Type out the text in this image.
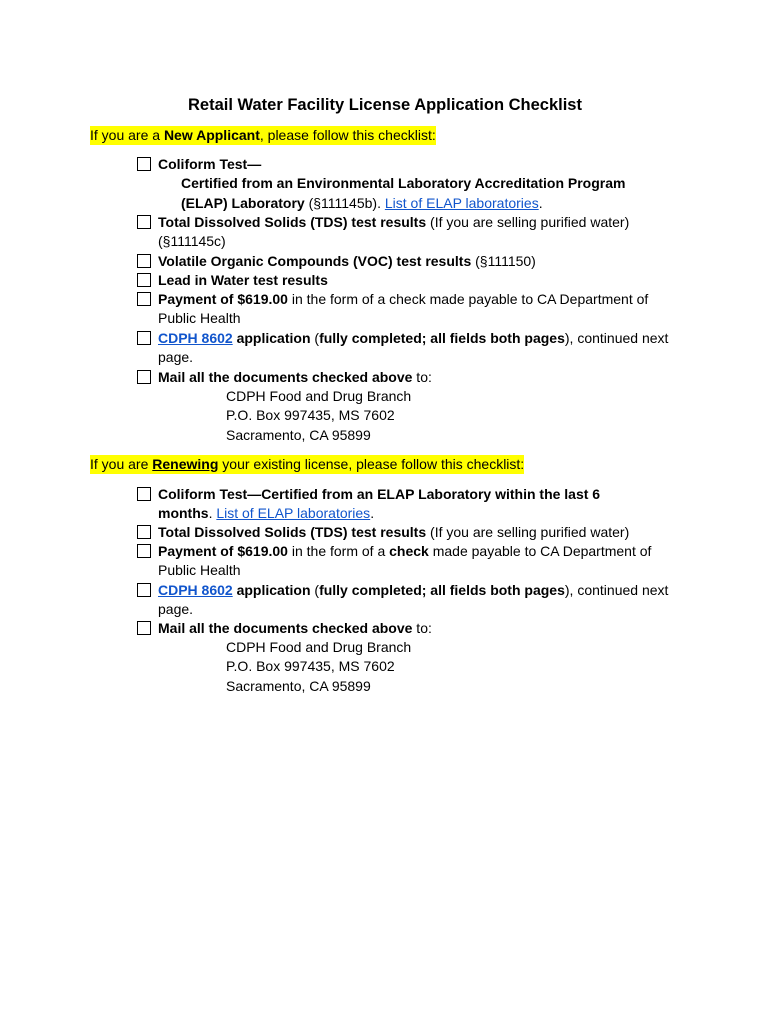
Retail Water Facility License Application Checklist
If you are a New Applicant, please follow this checklist:
Coliform Test—
Certified from an Environmental Laboratory Accreditation Program (ELAP) Laboratory (§111145b). List of ELAP laboratories.
Total Dissolved Solids (TDS) test results (If you are selling purified water) (§111145c)
Volatile Organic Compounds (VOC) test results (§111150)
Lead in Water test results
Payment of $619.00 in the form of a check made payable to CA Department of Public Health
CDPH 8602 application (fully completed; all fields both pages), continued next page.
Mail all the documents checked above to:
CDPH Food and Drug Branch
P.O. Box 997435, MS 7602
Sacramento, CA 95899
If you are Renewing your existing license, please follow this checklist:
Coliform Test—Certified from an ELAP Laboratory within the last 6 months. List of ELAP laboratories.
Total Dissolved Solids (TDS) test results (If you are selling purified water)
Payment of $619.00 in the form of a check made payable to CA Department of Public Health
CDPH 8602 application (fully completed; all fields both pages), continued next page.
Mail all the documents checked above to:
CDPH Food and Drug Branch
P.O. Box 997435, MS 7602
Sacramento, CA 95899
